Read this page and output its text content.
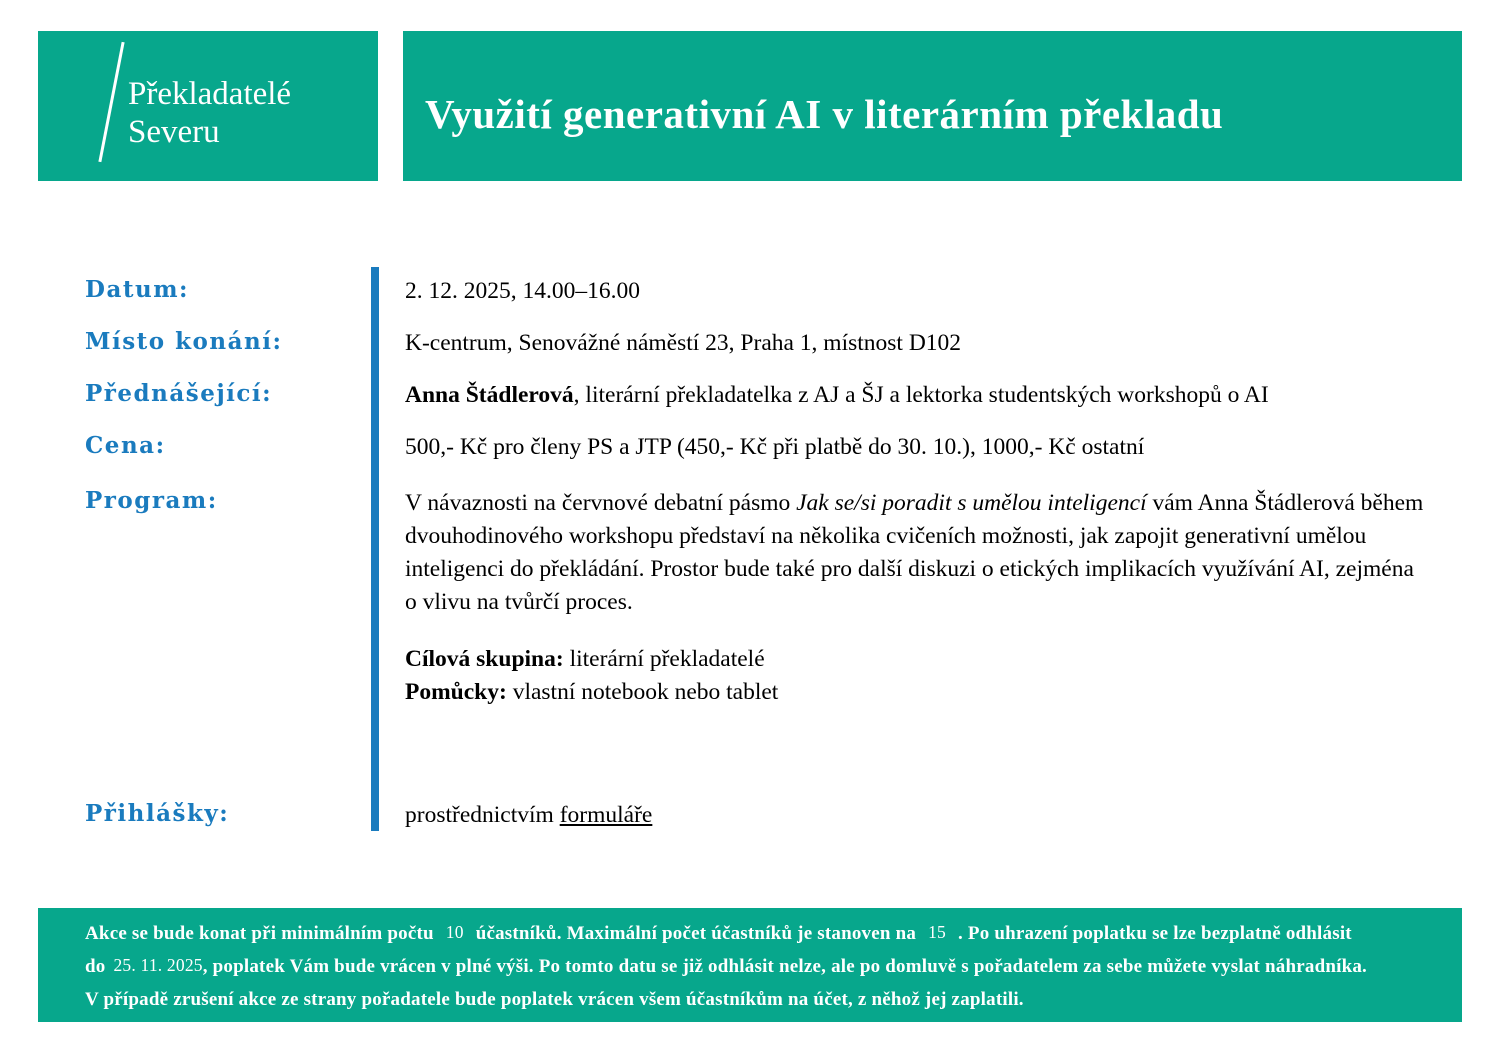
Překladatelé
Severu	Využití generativní AI v literárním překladu
Datum:	2. 12. 2025, 14.00–16.00
Místo konání:	K-centrum, Senovážné náměstí 23, Praha 1, místnost D102
Přednášející:	Anna Štádlerová, literární překladatelka z AJ a ŠJ a lektorka studentských workshopů o AI
Cena:	500,- Kč pro členy PS a JTP (450,- Kč při platbě do 30. 10.), 1000,- Kč ostatní
Program:	V návaznosti na červnové debatní pásmo Jak se/si poradit s umělou inteligencí vám Anna Štádlerová během dvouhodinového workshopu představí na několika cvičeních možnosti, jak zapojit generativní umělou inteligenci do překládání. Prostor bude také pro další diskuzi o etických implikacích využívání AI, zejména o vlivu na tvůrčí proces.
Cílová skupina: literární překladatelé
Pomůcky: vlastní notebook nebo tablet
Přihlášky:	prostřednictvím formuláře
Akce se bude konat při minimálním počtu 10 účastníků. Maximální počet účastníků je stanoven na 15 . Po uhrazení poplatku se lze bezplatně odhlásit
do 25. 11. 2025, poplatek Vám bude vrácen v plné výši. Po tomto datu se již odhlásit nelze, ale po domluvě s pořadatelem za sebe můžete vyslat náhradníka.
V případě zrušení akce ze strany pořadatele bude poplatek vrácen všem účastníkům na účet, z něhož jej zaplatili.
